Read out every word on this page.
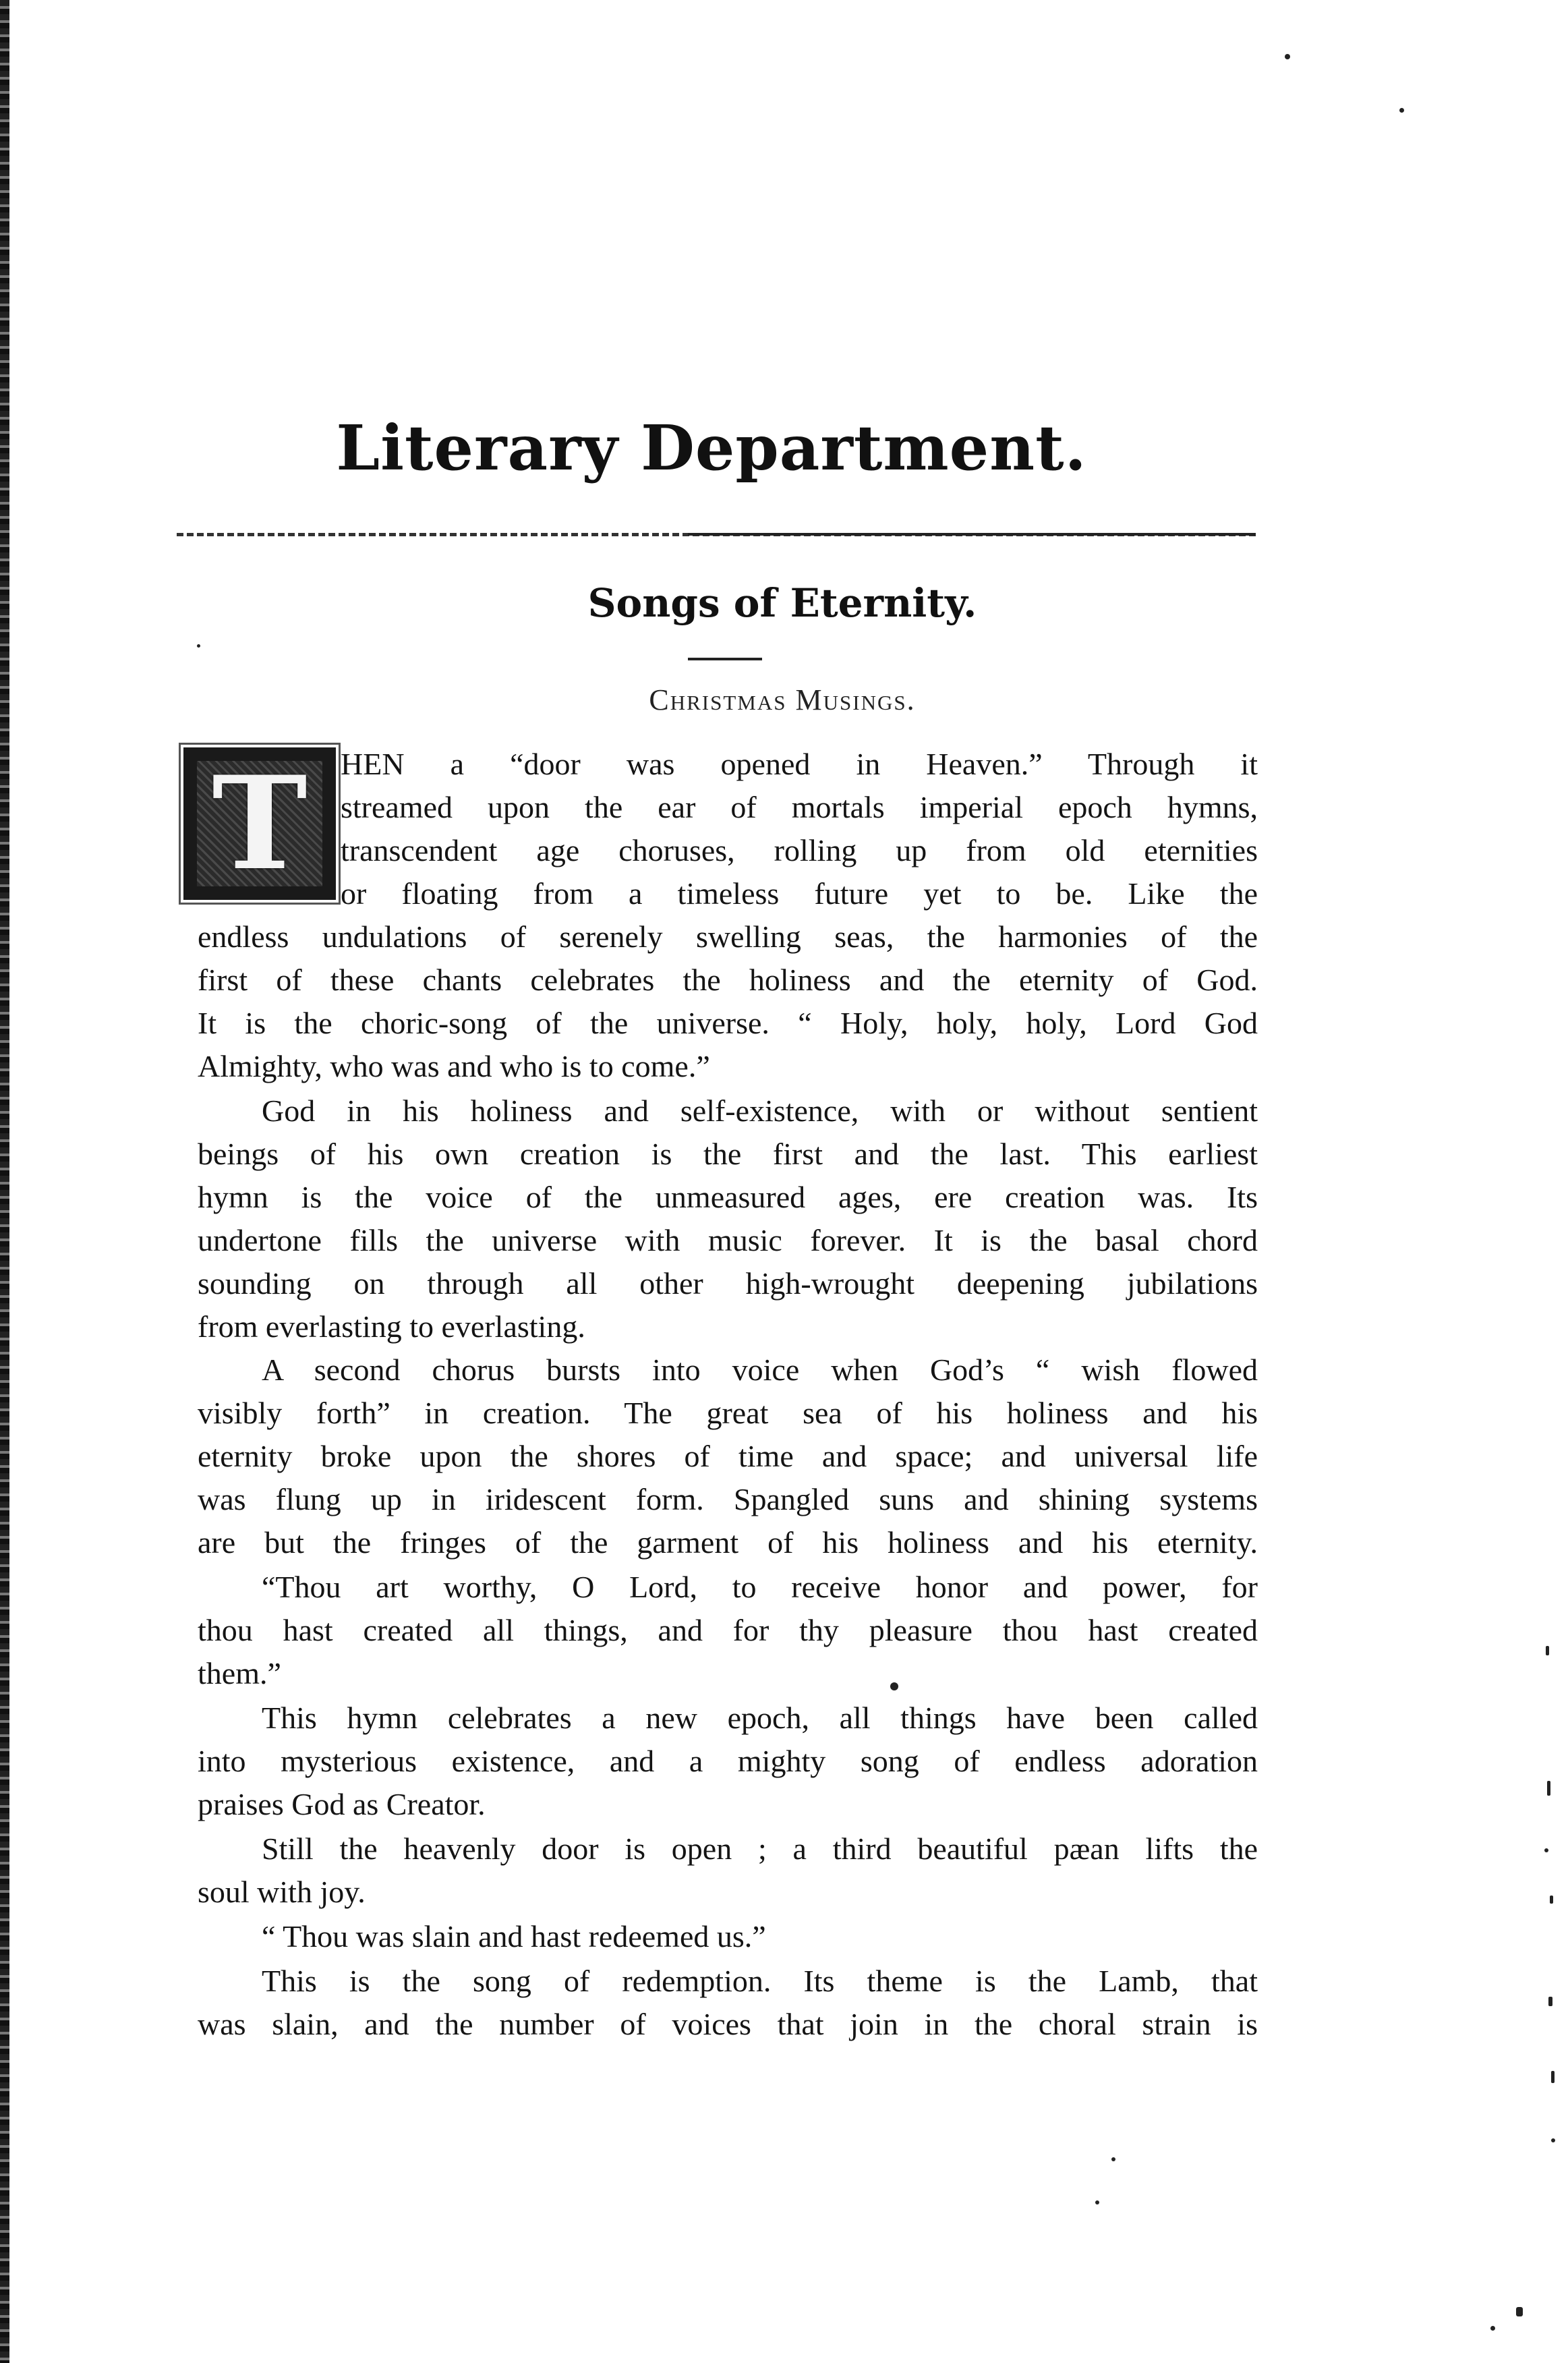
Literary Department.
Songs of Eternity.
Christmas Musings.
T	HEN a “door was opened in Heaven.” Through it
streamed upon the ear of mortals imperial epoch hymns,
transcendent age choruses, rolling up from old eternities
or floating from a timeless future yet to be. Like the
endless undulations of serenely swelling seas, the harmonies of the
first of these chants celebrates the holiness and the eternity of God.
It is the choric-song of the universe. “ Holy, holy, holy, Lord God
Almighty, who was and who is to come.”
God in his holiness and self-existence, with or without sentient
beings of his own creation is the first and the last. This earliest
hymn is the voice of the unmeasured ages, ere creation was. Its
undertone fills the universe with music forever. It is the basal chord
sounding on through all other high-wrought deepening jubilations
from everlasting to everlasting.
A second chorus bursts into voice when God’s “ wish flowed
visibly forth” in creation. The great sea of his holiness and his
eternity broke upon the shores of time and space; and universal life
was flung up in iridescent form. Spangled suns and shining systems
are but the fringes of the garment of his holiness and his eternity.
“Thou art worthy, O Lord, to receive honor and power, for
thou hast created all things, and for thy pleasure thou hast created
them.”
This hymn celebrates a new epoch, all things have been called
into mysterious existence, and a mighty song of endless adoration
praises God as Creator.
Still the heavenly door is open ; a third beautiful pæan lifts the
soul with joy.
“ Thou was slain and hast redeemed us.”
This is the song of redemption. Its theme is the Lamb, that
was slain, and the number of voices that join in the choral strain is
